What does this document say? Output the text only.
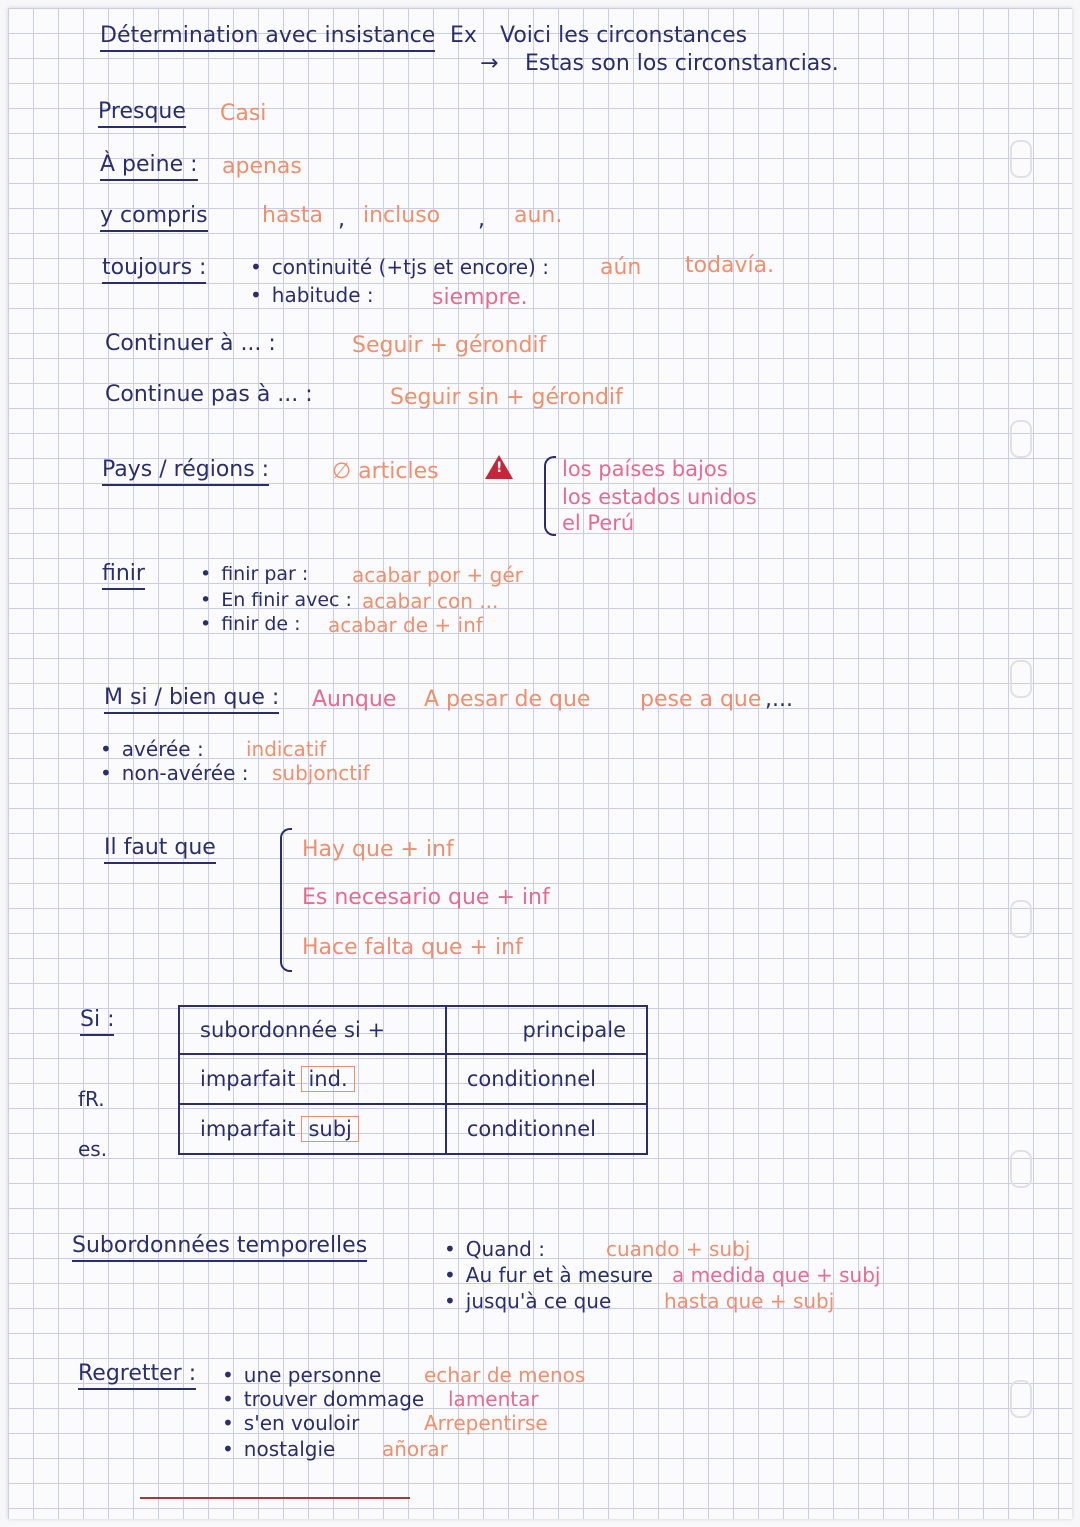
Détermination avec insistance Ex Voici les circonstances
→ Estas son los circonstancias.
Presque Casi
À peine : apenas
y compris hasta , incluso , aun.
toujours :	• continuité (+tjs et encore) : aún todavía.
• habitude :	siempre.
Continuer à ... :	Seguir + gérondif
Continue pas à ... :	Seguir sin + gérondif
Pays / régions :	∅ articles	!	los países bajos
los estados unidos
el Perú
finir	• finir par : acabar por + gér
• En finir avec : acabar con ...
• finir de : acabar de + inf
M si / bien que : Aunque A pesar de que pese a que ,...
• avérée : indicatif
• non-avérée : subjonctif
Il faut que	Hay que + inf
Es necesario que + inf
Hace falta que + inf
Si :
fR.
es.
subordonnée si +	principale
imparfait ind.	conditionnel
imparfait subj	conditionnel
Subordonnées temporelles	• Quand :	cuando + subj
• Au fur et à mesure a medida que + subj
• jusqu'à ce que	hasta que + subj
Regretter :	• une personne echar de menos
• trouver dommage lamentar
• s'en vouloir	Arrepentirse
• nostalgie añorar
